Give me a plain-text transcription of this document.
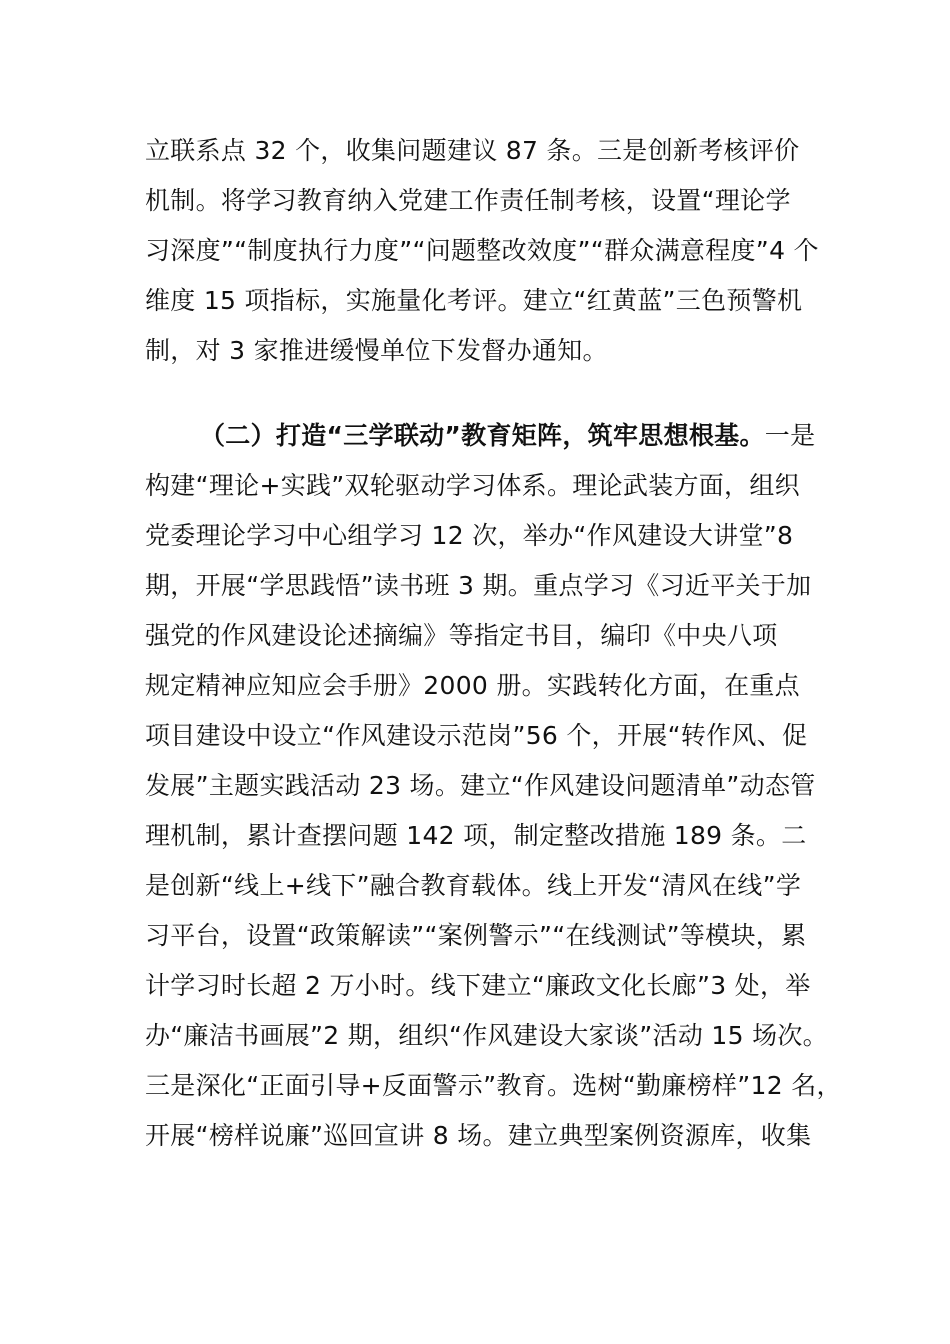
立联系点 32 个，收集问题建议 87 条。三是创新考核评价
机制。将学习教育纳入党建工作责任制考核，设置“理论学
习深度”“制度执行力度”“问题整改效度”“群众满意程度”4 个
维度 15 项指标，实施量化考评。建立“红黄蓝”三色预警机
制，对 3 家推进缓慢单位下发督办通知。
（二）打造“三学联动”教育矩阵，筑牢思想根基。一是
构建“理论+实践”双轮驱动学习体系。理论武装方面，组织
党委理论学习中心组学习 12 次，举办“作风建设大讲堂”8
期，开展“学思践悟”读书班 3 期。重点学习《习近平关于加
强党的作风建设论述摘编》等指定书目，编印《中央八项
规定精神应知应会手册》2000 册。实践转化方面，在重点
项目建设中设立“作风建设示范岗”56 个，开展“转作风、促
发展”主题实践活动 23 场。建立“作风建设问题清单”动态管
理机制，累计查摆问题 142 项，制定整改措施 189 条。二
是创新“线上+线下”融合教育载体。线上开发“清风在线”学
习平台，设置“政策解读”“案例警示”“在线测试”等模块，累
计学习时长超 2 万小时。线下建立“廉政文化长廊”3 处，举
办“廉洁书画展”2 期，组织“作风建设大家谈”活动 15 场次。
三是深化“正面引导+反面警示”教育。选树“勤廉榜样”12 名，
开展“榜样说廉”巡回宣讲 8 场。建立典型案例资源库，收集
